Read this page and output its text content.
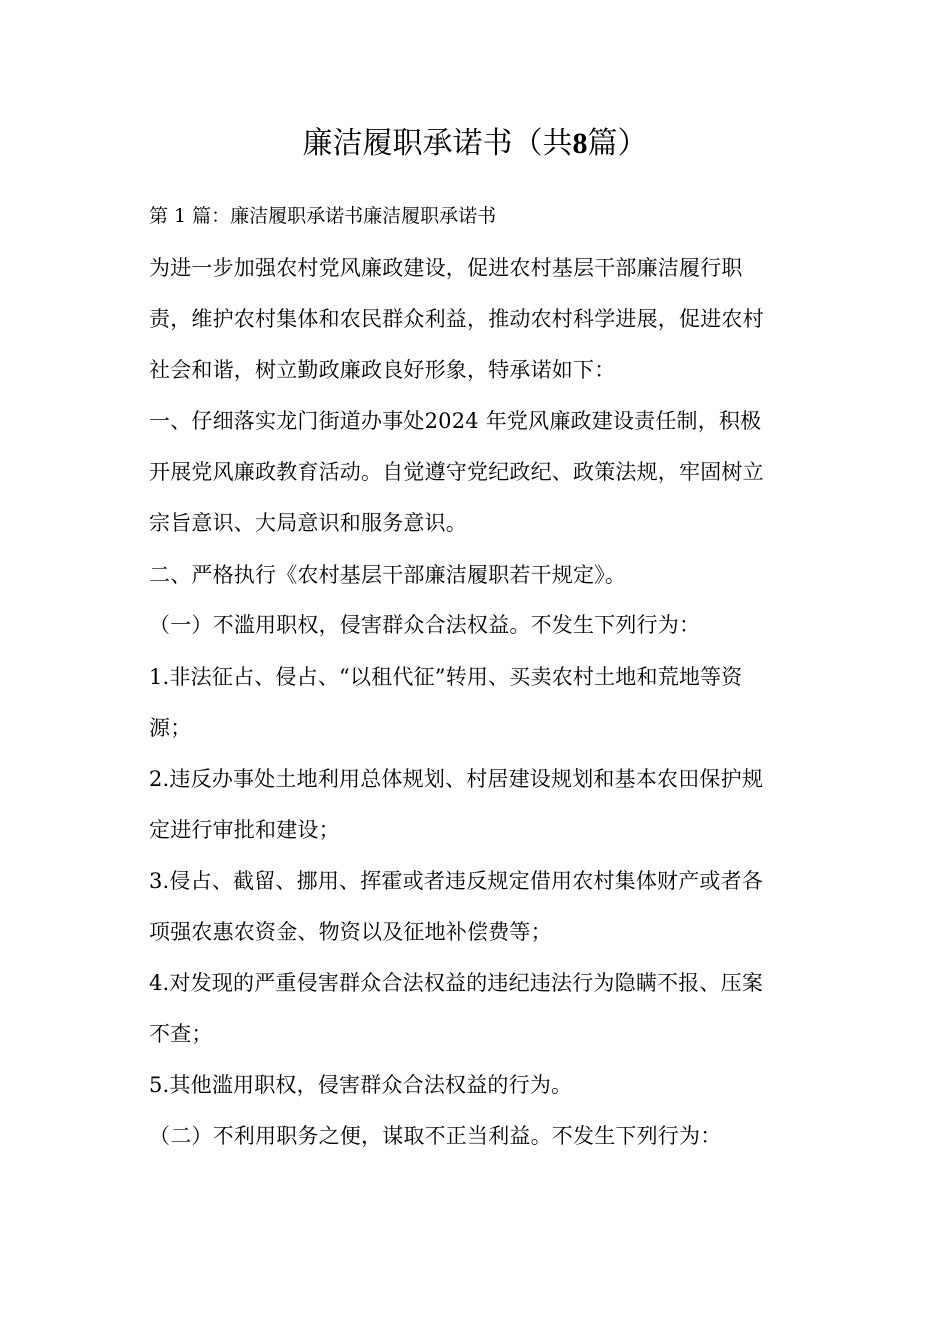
廉洁履职承诺书（共8篇）
第 1 篇：廉洁履职承诺书廉洁履职承诺书
为进一步加强农村党风廉政建设，促进农村基层干部廉洁履行职
责，维护农村集体和农民群众利益，推动农村科学进展，促进农村
社会和谐，树立勤政廉政良好形象，特承诺如下：
一、仔细落实龙门街道办事处2024 年党风廉政建设责任制，积极
开展党风廉政教育活动。自觉遵守党纪政纪、政策法规，牢固树立
宗旨意识、大局意识和服务意识。
二、严格执行《农村基层干部廉洁履职若干规定》。
（一）不滥用职权，侵害群众合法权益。不发生下列行为：
1.非法征占、侵占、“以租代征”转用、买卖农村土地和荒地等资
源；
2.违反办事处土地利用总体规划、村居建设规划和基本农田保护规
定进行审批和建设；
3.侵占、截留、挪用、挥霍或者违反规定借用农村集体财产或者各
项强农惠农资金、物资以及征地补偿费等；
4.对发现的严重侵害群众合法权益的违纪违法行为隐瞒不报、压案
不查；
5.其他滥用职权，侵害群众合法权益的行为。
（二）不利用职务之便，谋取不正当利益。不发生下列行为：
